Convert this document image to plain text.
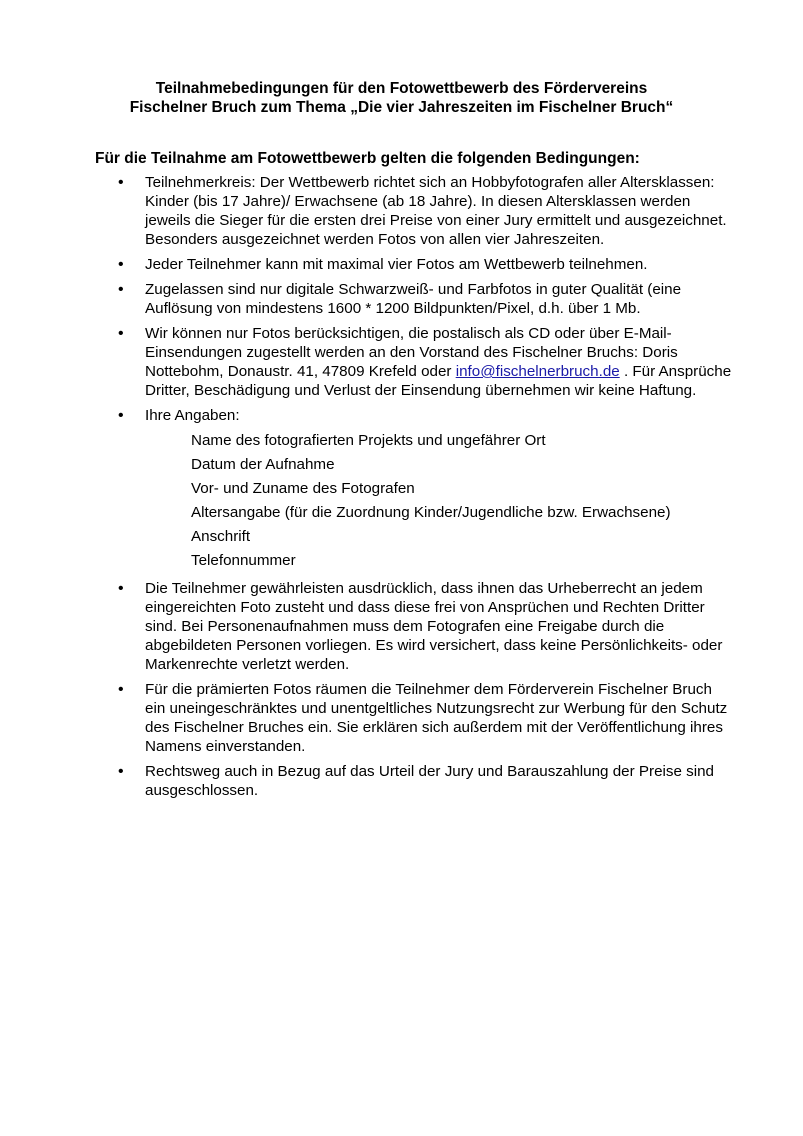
Teilnahmebedingungen für den Fotowettbewerb des Fördervereins
Fischelner Bruch zum Thema „Die vier Jahreszeiten im Fischelner Bruch“
Für die Teilnahme am Fotowettbewerb gelten die folgenden Bedingungen:
•	Teilnehmerkreis: Der Wettbewerb richtet sich an Hobbyfotografen aller Altersklassen: Kinder (bis 17 Jahre)/ Erwachsene (ab 18 Jahre). In diesen Altersklassen werden jeweils die Sieger für die ersten drei Preise von einer Jury ermittelt und ausgezeichnet. Besonders ausgezeichnet werden Fotos von allen vier Jahreszeiten.
•	Jeder Teilnehmer kann mit maximal vier Fotos am Wettbewerb teilnehmen.
•	Zugelassen sind nur digitale Schwarzweiß- und Farbfotos in guter Qualität (eine Auflösung von mindestens 1600 * 1200 Bildpunkten/Pixel, d.h. über 1 Mb.
•	Wir können nur Fotos berücksichtigen, die postalisch als CD oder über E-Mail-Einsendungen zugestellt werden an den Vorstand des Fischelner Bruchs: Doris Nottebohm, Donaustr. 41, 47809 Krefeld oder info@fischelnerbruch.de . Für Ansprüche Dritter, Beschädigung und Verlust der Einsendung übernehmen wir keine Haftung.
•	Ihre Angaben:
Name des fotografierten Projekts und ungefährer Ort
Datum der Aufnahme
Vor- und Zuname des Fotografen
Altersangabe (für die Zuordnung Kinder/Jugendliche bzw. Erwachsene)
Anschrift
Telefonnummer
•	Die Teilnehmer gewährleisten ausdrücklich, dass ihnen das Urheberrecht an jedem eingereichten Foto zusteht und dass diese frei von Ansprüchen und Rechten Dritter sind. Bei Personenaufnahmen muss dem Fotografen eine Freigabe durch die abgebildeten Personen vorliegen. Es wird versichert, dass keine Persönlichkeits- oder Markenrechte verletzt werden.
•	Für die prämierten Fotos räumen die Teilnehmer dem Förderverein Fischelner Bruch ein uneingeschränktes und unentgeltliches Nutzungsrecht zur Werbung für den Schutz des Fischelner Bruches ein. Sie erklären sich außerdem mit der Veröffentlichung ihres Namens einverstanden.
•	Rechtsweg auch in Bezug auf das Urteil der Jury und Barauszahlung der Preise sind ausgeschlossen.
